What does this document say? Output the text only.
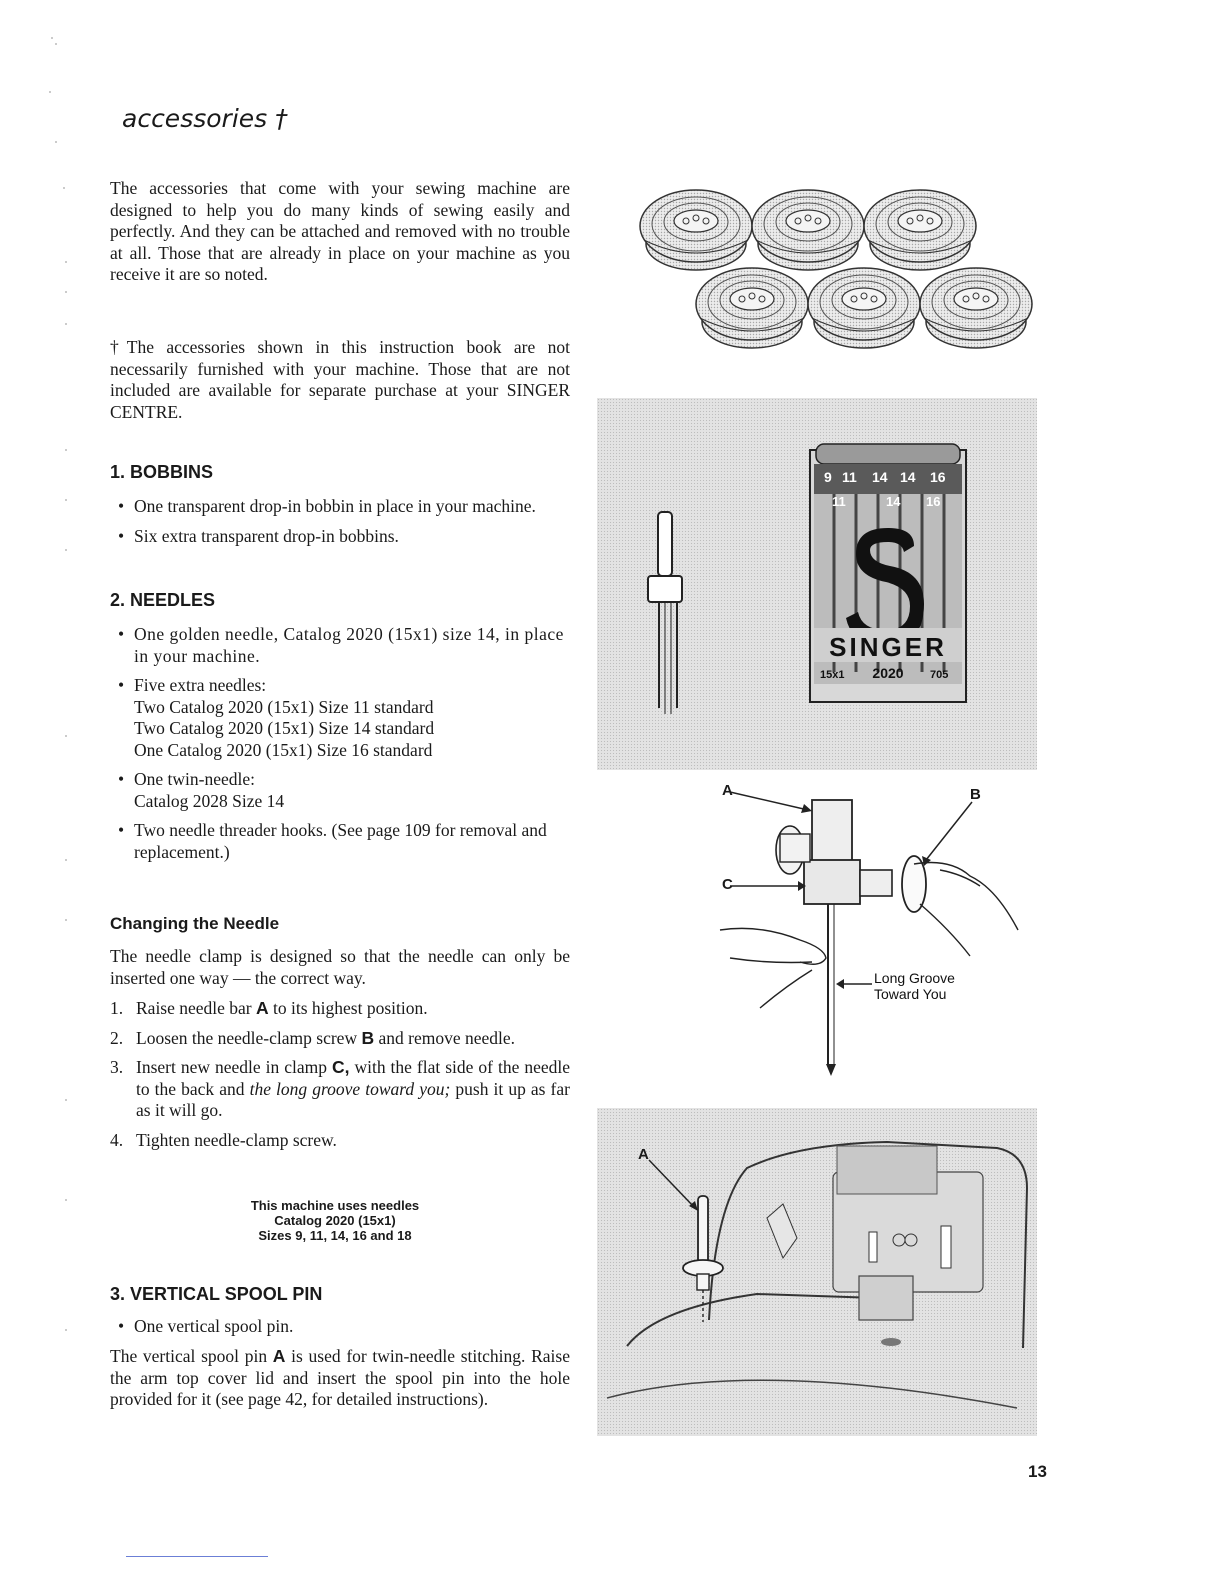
accessories †

The accessories that come with your sewing machine are designed to help you do many kinds of sewing easily and perfectly. And they can be attached and removed with no trouble at all. Those that are already in place on your machine as you receive it are so noted.

†The accessories shown in this instruction book are not necessarily furnished with your machine. Those that are not included are available for separate purchase at your SINGER CENTRE.

1. BOBBINS
• One transparent drop-in bobbin in place in your machine.
• Six extra transparent drop-in bobbins.
2. NEEDLES
• One golden needle, Catalog 2020 (15x1) size 14, in place in your machine.
• Five extra needles:
Two Catalog 2020 (15x1) Size 11 standard
Two Catalog 2020 (15x1) Size 14 standard
One Catalog 2020 (15x1) Size 16 standard
• One twin-needle:
Catalog 2028 Size 14
• Two needle threader hooks. (See page 109 for removal and replacement.)
Changing the Needle

The needle clamp is designed so that the needle can only be inserted one way — the correct way.

1. Raise needle bar A to its highest position.
2. Loosen the needle-clamp screw B and remove needle.
3. Insert new needle in clamp C, with the flat side of the needle to the back and the long groove toward you; push it up as far as it will go.
4. Tighten needle-clamp screw.
This machine uses needles
Catalog 2020 (15x1)
Sizes 9, 11, 14, 16 and 18
3. VERTICAL SPOOL PIN
• One vertical spool pin.

The vertical spool pin A is used for twin-needle stitching. Raise the arm top cover lid and insert the spool pin into the hole provided for it (see page 42, for detailed instructions).

9 11 14 14 16
11	14 16
SINGER
15x1 2020 705
A	B
C
Long Groove
Toward You
A
13
